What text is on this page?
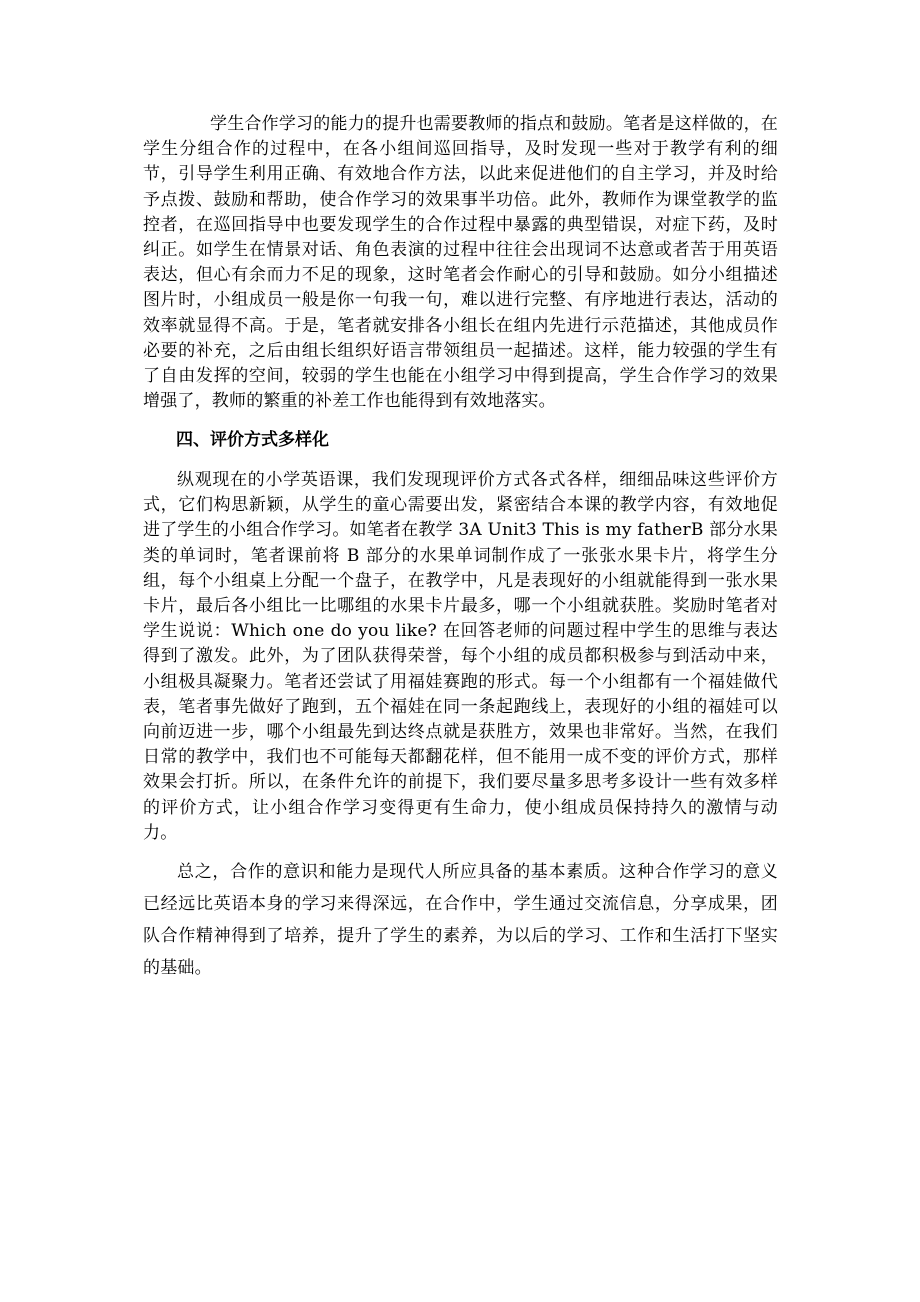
学生合作学习的能力的提升也需要教师的指点和鼓励。笔者是这样做的，在学生分组合作的过程中，在各小组间巡回指导，及时发现一些对于教学有利的细节，引导学生利用正确、有效地合作方法，以此来促进他们的自主学习，并及时给予点拨、鼓励和帮助，使合作学习的效果事半功倍。此外，教师作为课堂教学的监控者，在巡回指导中也要发现学生的合作过程中暴露的典型错误，对症下药，及时纠正。如学生在情景对话、角色表演的过程中往往会出现词不达意或者苦于用英语表达，但心有余而力不足的现象，这时笔者会作耐心的引导和鼓励。如分小组描述图片时，小组成员一般是你一句我一句，难以进行完整、有序地进行表达，活动的效率就显得不高。于是，笔者就安排各小组长在组内先进行示范描述，其他成员作必要的补充，之后由组长组织好语言带领组员一起描述。这样，能力较强的学生有了自由发挥的空间，较弱的学生也能在小组学习中得到提高，学生合作学习的效果增强了，教师的繁重的补差工作也能得到有效地落实。

四、评价方式多样化

纵观现在的小学英语课，我们发现现评价方式各式各样，细细品味这些评价方式，它们构思新颖，从学生的童心需要出发，紧密结合本课的教学内容，有效地促进了学生的小组合作学习。如笔者在教学 3A Unit3 This is my fatherB 部分水果类的单词时，笔者课前将 B 部分的水果单词制作成了一张张水果卡片，将学生分组，每个小组桌上分配一个盘子，在教学中，凡是表现好的小组就能得到一张水果卡片，最后各小组比一比哪组的水果卡片最多，哪一个小组就获胜。奖励时笔者对学生说说：Which one do you like? 在回答老师的问题过程中学生的思维与表达得到了激发。此外，为了团队获得荣誉，每个小组的成员都积极参与到活动中来，小组极具凝聚力。笔者还尝试了用福娃赛跑的形式。每一个小组都有一个福娃做代表，笔者事先做好了跑到，五个福娃在同一条起跑线上，表现好的小组的福娃可以向前迈进一步，哪个小组最先到达终点就是获胜方，效果也非常好。当然，在我们日常的教学中，我们也不可能每天都翻花样，但不能用一成不变的评价方式，那样效果会打折。所以，在条件允许的前提下，我们要尽量多思考多设计一些有效多样的评价方式，让小组合作学习变得更有生命力，使小组成员保持持久的激情与动力。

总之，合作的意识和能力是现代人所应具备的基本素质。这种合作学习的意义已经远比英语本身的学习来得深远，在合作中，学生通过交流信息，分享成果，团队合作精神得到了培养，提升了学生的素养，为以后的学习、工作和生活打下坚实的基础。
